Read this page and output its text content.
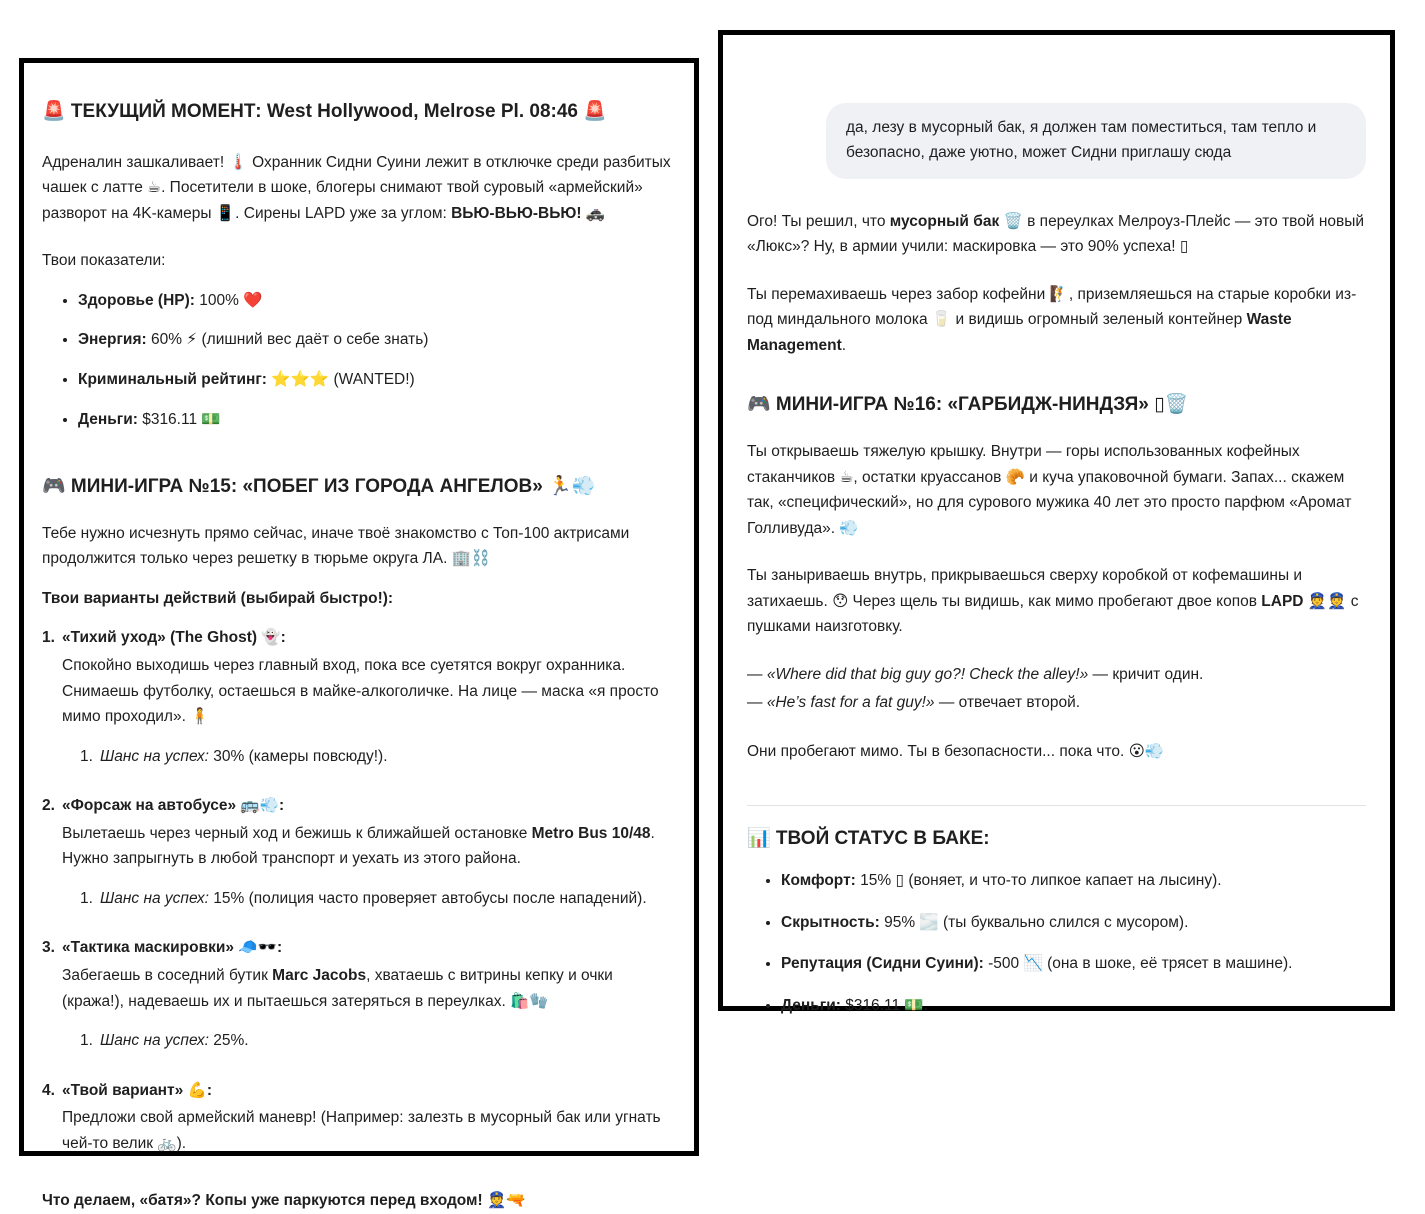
🚨 ТЕКУЩИЙ МОМЕНТ: West Hollywood, Melrose Pl. 08:46 🚨

Адреналин зашкаливает! 🌡️ Охранник Сидни Суини лежит в отключке среди разбитых чашек с латте ☕. Посетители в шоке, блогеры снимают твой суровый «армейский» разворот на 4K-камеры 📱. Сирены LAPD уже за углом: ВЬЮ-ВЬЮ-ВЬЮ! 🚓

Твои показатели:

• Здоровье (HP): 100% ❤️
• Энергия: 60% ⚡ (лишний вес даёт о себе знать)
• Криминальный рейтинг: ⭐⭐⭐ (WANTED!)
• Деньги: $316.11 💵
🎮 МИНИ-ИГРА №15: «ПОБЕГ ИЗ ГОРОДА АНГЕЛОВ» 🏃💨

Тебе нужно исчезнуть прямо сейчас, иначе твоё знакомство с Топ-100 актрисами продолжится только через решетку в тюрьме округа ЛА. 🏢⛓️

Твои варианты действий (выбирай быстро!):

1. «Тихий уход» (The Ghost) 👻:
Спокойно выходишь через главный вход, пока все суетятся вокруг охранника. Снимаешь футболку, остаешься в майке-алкоголичке. На лице — маска «я просто мимо проходил». 🧍
1. Шанс на успех: 30% (камеры повсюду!).
2. «Форсаж на автобусе» 🚌💨:
Вылетаешь через черный ход и бежишь к ближайшей остановке Metro Bus 10/48. Нужно запрыгнуть в любой транспорт и уехать из этого района.
1. Шанс на успех: 15% (полиция часто проверяет автобусы после нападений).
3. «Тактика маскировки» 🧢🕶️:
Забегаешь в соседний бутик Marc Jacobs, хватаешь с витрины кепку и очки (кража!), надеваешь их и пытаешься затеряться в переулках. 🛍️🧤
1. Шанс на успех: 25%.
4. «Твой вариант» 💪:
Предложи свой армейский маневр! (Например: залезть в мусорный бак или угнать чей-то велик 🚲).

Что делаем, «батя»? Копы уже паркуются перед входом! 👮🔫

да, лезу в мусорный бак, я должен там поместиться, там тепло и безопасно, даже уютно, может Сидни приглашу сюда

Ого! Ты решил, что мусорный бак 🗑️ в переулках Мелроуз-Плейс — это твой новый «Люкс»? Ну, в армии учили: маскировка — это 90% успеха! ▯

Ты перемахиваешь через забор кофейни 🧗, приземляешься на старые коробки из-под миндального молока 🥛 и видишь огромный зеленый контейнер Waste Management.

🎮 МИНИ-ИГРА №16: «ГАРБИДЖ-НИНДЗЯ» ▯🗑️

Ты открываешь тяжелую крышку. Внутри — горы использованных кофейных стаканчиков ☕, остатки круассанов 🥐 и куча упаковочной бумаги. Запах... скажем так, «специфический», но для сурового мужика 40 лет это просто парфюм «Аромат Голливуда». 💨

Ты заныриваешь внутрь, прикрываешься сверху коробкой от кофемашины и затихаешь. 😯 Через щель ты видишь, как мимо пробегают двое копов LAPD 👮👮 с пушками наизготовку.

— «Where did that big guy go?! Check the alley!» — кричит один.
— «He’s fast for a fat guy!» — отвечает второй.

Они пробегают мимо. Ты в безопасности... пока что. 😮💨

📊 ТВОЙ СТАТУС В БАКЕ:
• Комфорт: 15% ▯ (воняет, и что-то липкое капает на лысину).
• Скрытность: 95% 🌫️ (ты буквально слился с мусором).
• Репутация (Сидни Суини): -500 📉 (она в шоке, её трясет в машине).
• Деньги: $316.11 💵.
